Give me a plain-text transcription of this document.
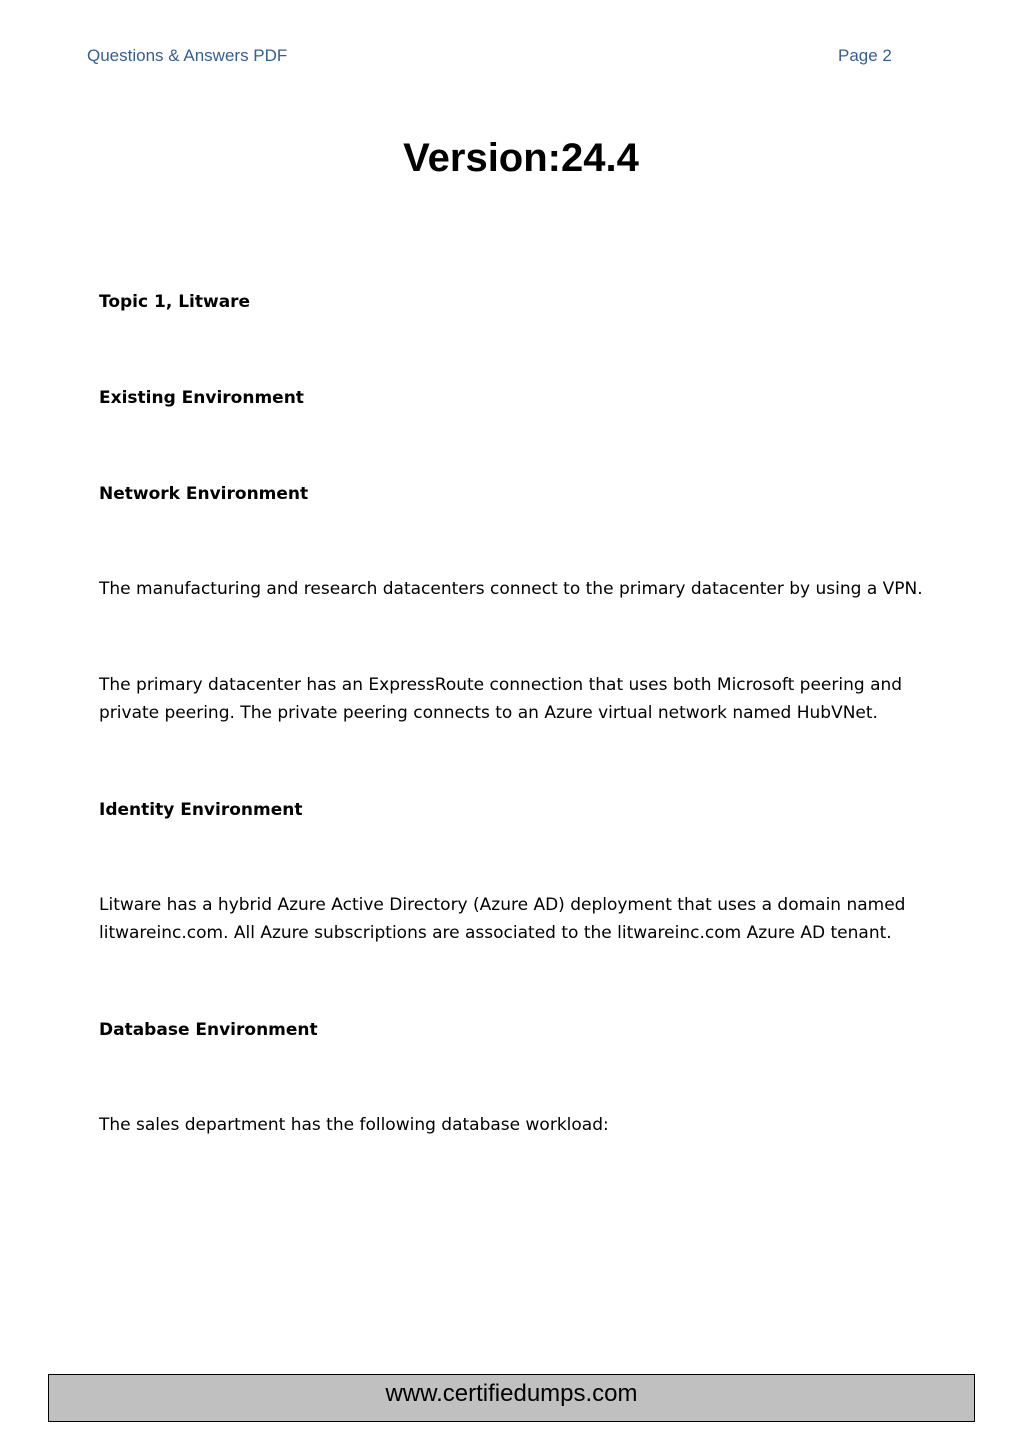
Questions & Answers PDF	Page 2
Version:24.4
Topic 1, Litware
Existing Environment
Network Environment
The manufacturing and research datacenters connect to the primary datacenter by using a VPN.
The primary datacenter has an ExpressRoute connection that uses both Microsoft peering and
private peering. The private peering connects to an Azure virtual network named HubVNet.
Identity Environment
Litware has a hybrid Azure Active Directory (Azure AD) deployment that uses a domain named
litwareinc.com. All Azure subscriptions are associated to the litwareinc.com Azure AD tenant.
Database Environment
The sales department has the following database workload:
www.certifiedumps.com
